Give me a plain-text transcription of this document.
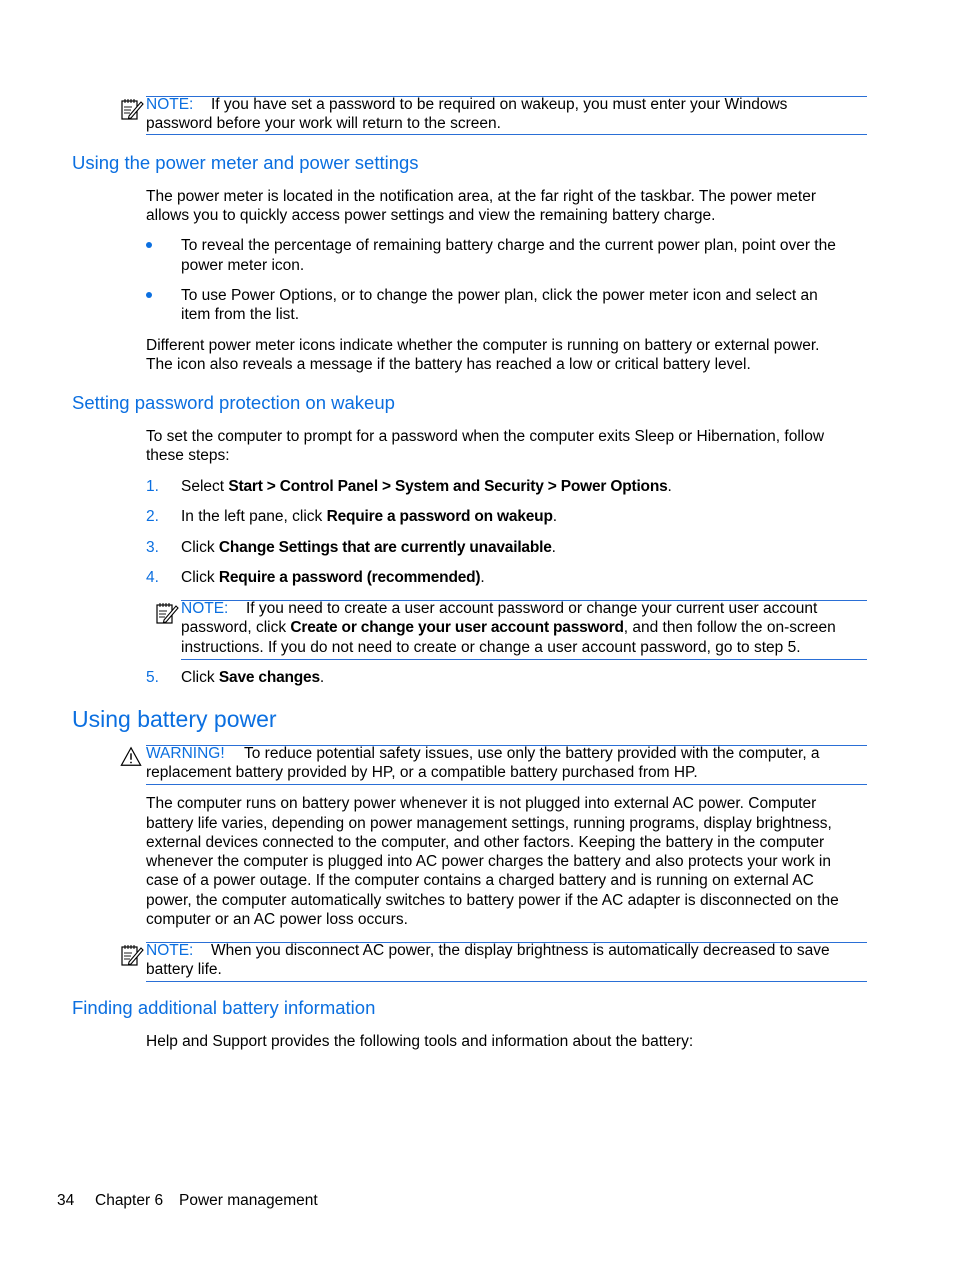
NOTE: If you have set a password to be required on wakeup, you must enter your Windows
password before your work will return to the screen.
Using the power meter and power settings
The power meter is located in the notification area, at the far right of the taskbar. The power meter
allows you to quickly access power settings and view the remaining battery charge.
To reveal the percentage of remaining battery charge and the current power plan, point over the
power meter icon.
To use Power Options, or to change the power plan, click the power meter icon and select an
item from the list.
Different power meter icons indicate whether the computer is running on battery or external power.
The icon also reveals a message if the battery has reached a low or critical battery level.
Setting password protection on wakeup
To set the computer to prompt for a password when the computer exits Sleep or Hibernation, follow
these steps:
1. Select Start > Control Panel > System and Security > Power Options.
2. In the left pane, click Require a password on wakeup.
3. Click Change Settings that are currently unavailable.
4. Click Require a password (recommended).
NOTE: If you need to create a user account password or change your current user account
password, click Create or change your user account password, and then follow the on-screen
instructions. If you do not need to create or change a user account password, go to step 5.
5. Click Save changes.
Using battery power
WARNING! To reduce potential safety issues, use only the battery provided with the computer, a
replacement battery provided by HP, or a compatible battery purchased from HP.
The computer runs on battery power whenever it is not plugged into external AC power. Computer
battery life varies, depending on power management settings, running programs, display brightness,
external devices connected to the computer, and other factors. Keeping the battery in the computer
whenever the computer is plugged into AC power charges the battery and also protects your work in
case of a power outage. If the computer contains a charged battery and is running on external AC
power, the computer automatically switches to battery power if the AC adapter is disconnected on the
computer or an AC power loss occurs.
NOTE: When you disconnect AC power, the display brightness is automatically decreased to save
battery life.
Finding additional battery information
Help and Support provides the following tools and information about the battery:
34 Chapter 6 Power management
